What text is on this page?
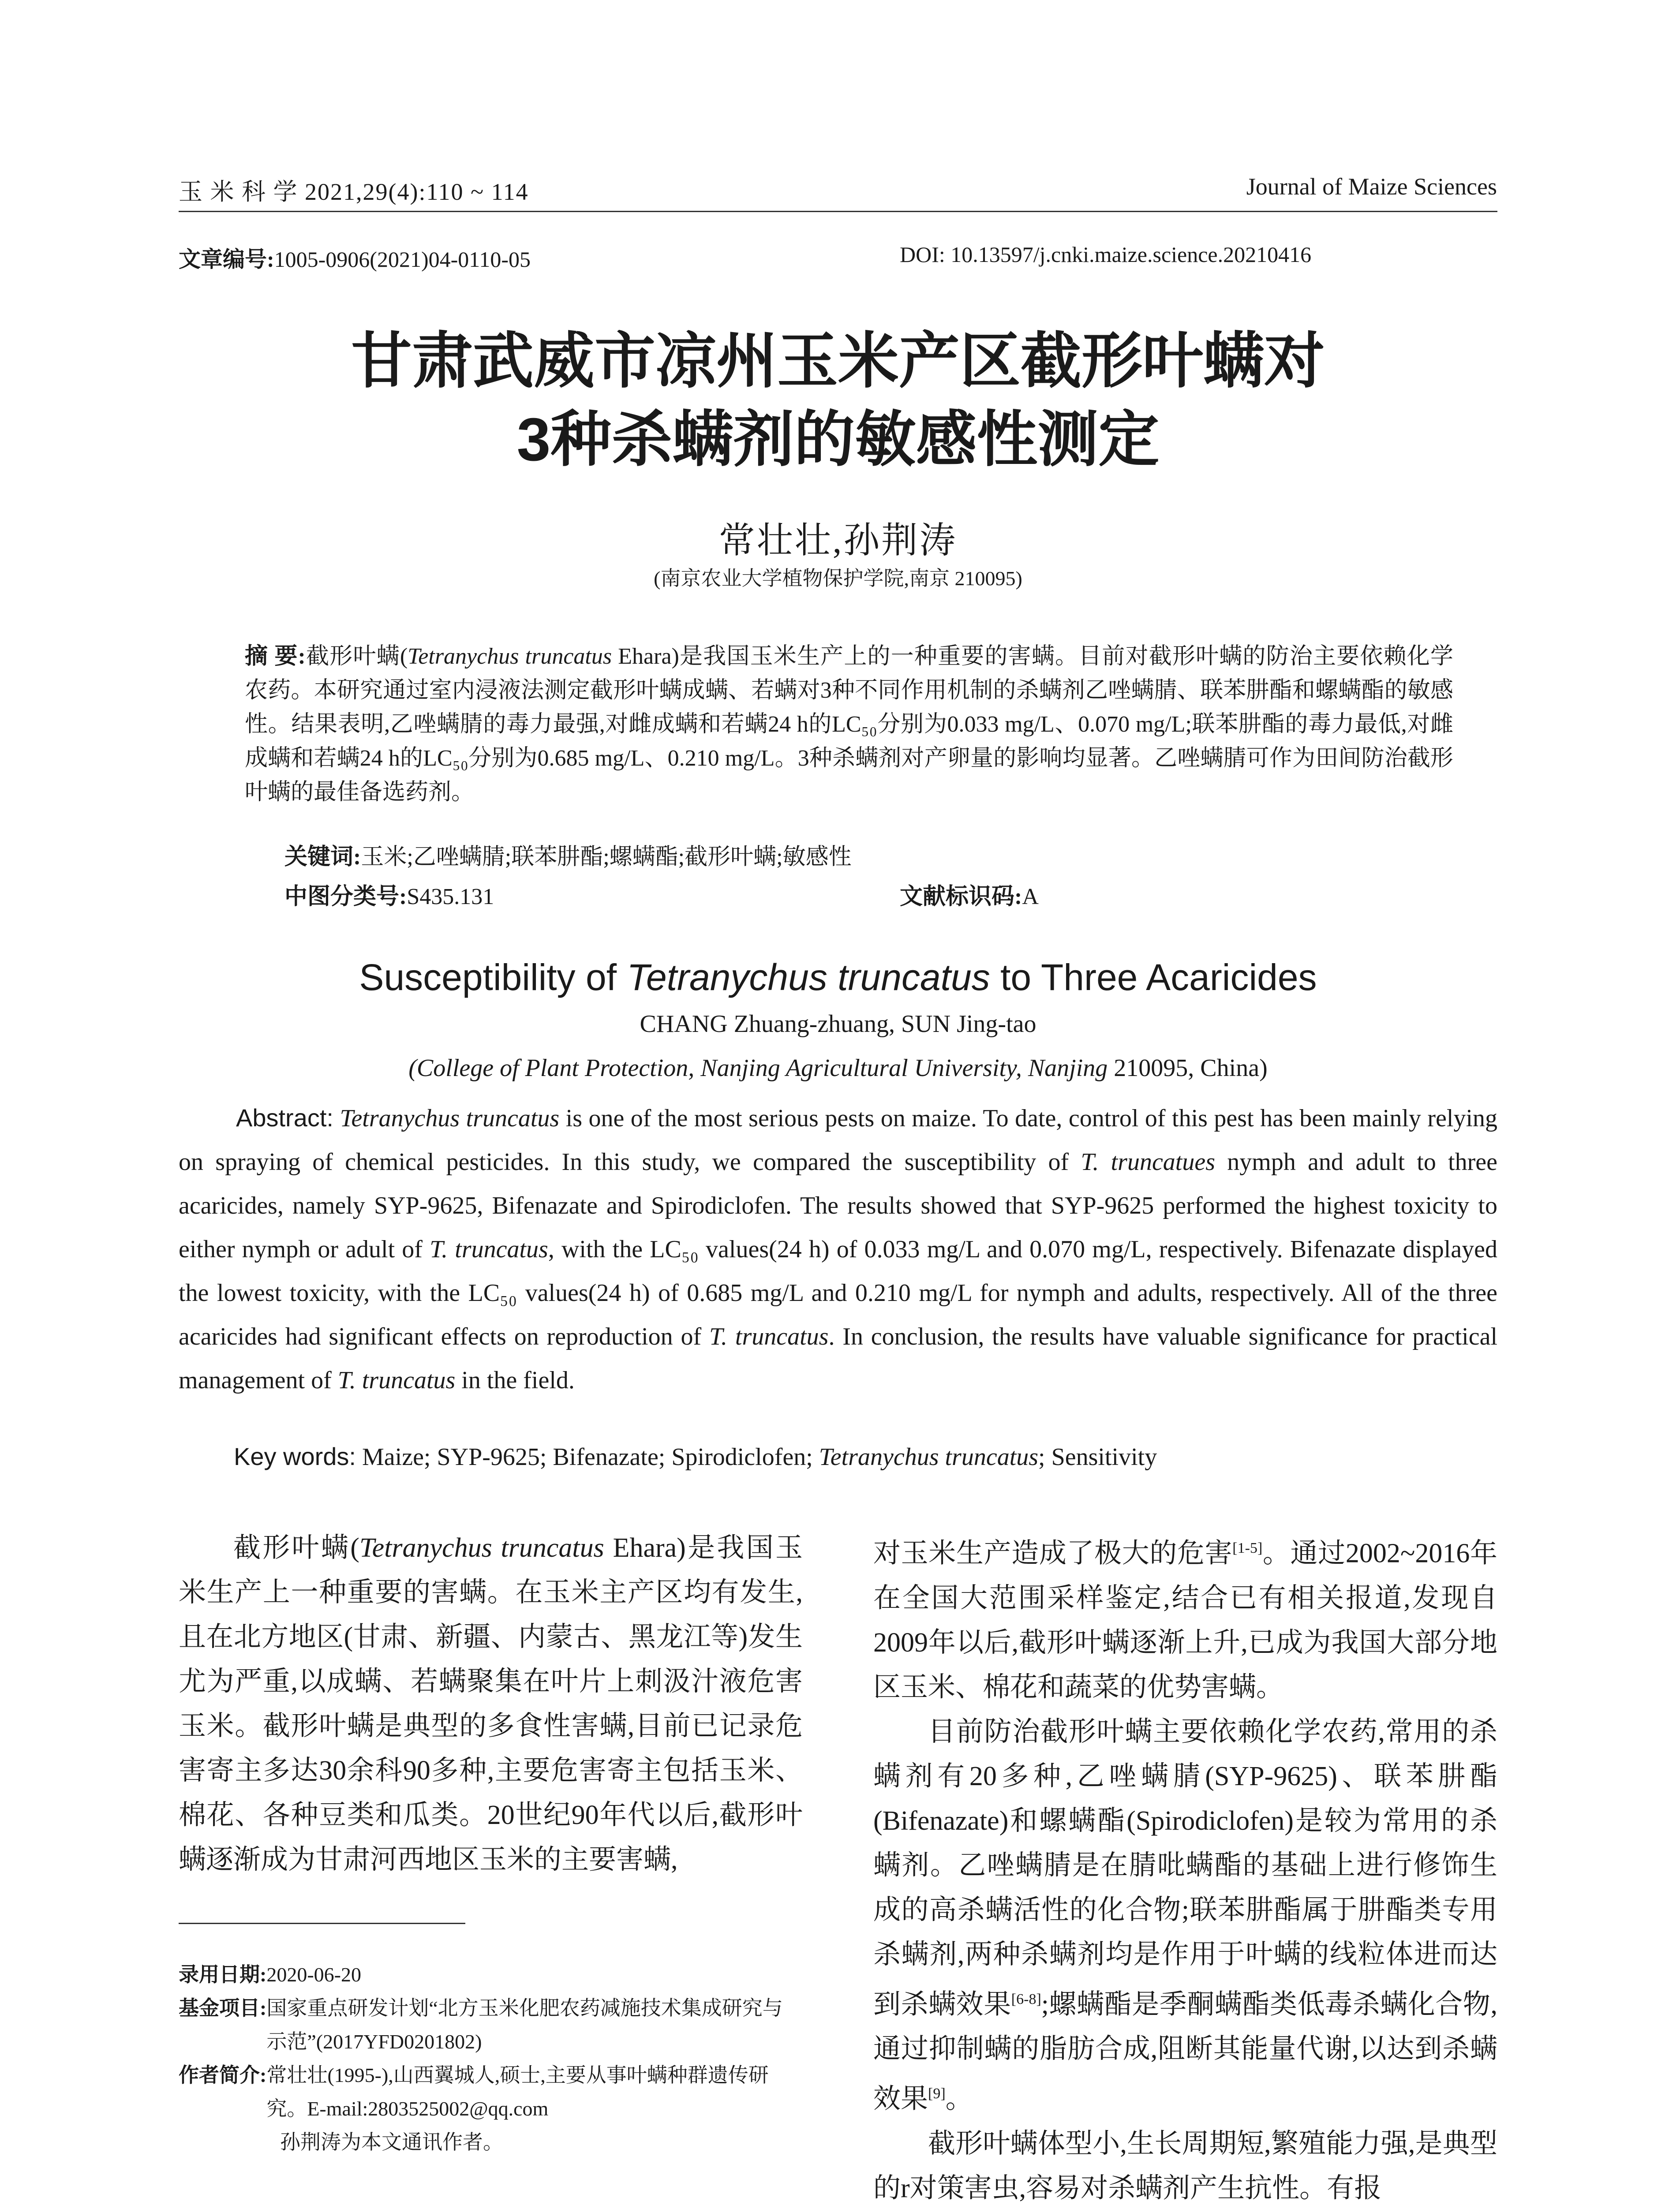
玉 米 科 学 2021,29(4):110 ~ 114	Journal of Maize Sciences
文章编号:1005-0906(2021)04-0110-05	DOI: 10.13597/j.cnki.maize.science.20210416
甘肃武威市凉州玉米产区截形叶螨对
3种杀螨剂的敏感性测定
常壮壮,孙荆涛
(南京农业大学植物保护学院,南京 210095)
摘 要:截形叶螨(Tetranychus truncatus Ehara)是我国玉米生产上的一种重要的害螨。目前对截形叶螨的防治主要依赖化学农药。本研究通过室内浸液法测定截形叶螨成螨、若螨对3种不同作用机制的杀螨剂乙唑螨腈、联苯肼酯和螺螨酯的敏感性。结果表明,乙唑螨腈的毒力最强,对雌成螨和若螨24 h的LC₅₀分别为0.033 mg/L、0.070 mg/L;联苯肼酯的毒力最低,对雌成螨和若螨24 h的LC₅₀分别为0.685 mg/L、0.210 mg/L。3种杀螨剂对产卵量的影响均显著。乙唑螨腈可作为田间防治截形叶螨的最佳备选药剂。
关键词:玉米;乙唑螨腈;联苯肼酯;螺螨酯;截形叶螨;敏感性
中图分类号:S435.131	文献标识码:A
Susceptibility of Tetranychus truncatus to Three Acaricides
CHANG Zhuang-zhuang, SUN Jing-tao
(College of Plant Protection, Nanjing Agricultural University, Nanjing 210095, China)
Abstract: Tetranychus truncatus is one of the most serious pests on maize. To date, control of this pest has been mainly relying on spraying of chemical pesticides. In this study, we compared the susceptibility of T. truncatues nymph and adult to three acaricides, namely SYP-9625, Bifenazate and Spirodiclofen. The results showed that SYP-9625 performed the highest toxicity to either nymph or adult of T. truncatus, with the LC₅₀ values(24 h) of 0.033 mg/L and 0.070 mg/L, respectively. Bifenazate displayed the lowest toxicity, with the LC₅₀ values(24 h) of 0.685 mg/L and 0.210 mg/L for nymph and adults, respectively. All of the three acaricides had significant effects on reproduction of T. truncatus. In conclusion, the results have valuable significance for practical management of T. truncatus in the field.
Key words: Maize; SYP-9625; Bifenazate; Spirodiclofen; Tetranychus truncatus; Sensitivity

截形叶螨(Tetranychus truncatus Ehara)是我国玉米生产上一种重要的害螨。在玉米主产区均有发生,且在北方地区(甘肃、新疆、内蒙古、黑龙江等)发生尤为严重,以成螨、若螨聚集在叶片上刺汲汁液危害玉米。截形叶螨是典型的多食性害螨,目前已记录危害寄主多达30余科90多种,主要危害寄主包括玉米、棉花、各种豆类和瓜类。20世纪90年代以后,截形叶螨逐渐成为甘肃河西地区玉米的主要害螨,

对玉米生产造成了极大的危害[1-5]。通过2002~2016年在全国大范围采样鉴定,结合已有相关报道,发现自2009年以后,截形叶螨逐渐上升,已成为我国大部分地区玉米、棉花和蔬菜的优势害螨。

目前防治截形叶螨主要依赖化学农药,常用的杀螨剂有20多种,乙唑螨腈(SYP-9625)、联苯肼酯(Bifenazate)和螺螨酯(Spirodiclofen)是较为常用的杀螨剂。乙唑螨腈是在腈吡螨酯的基础上进行修饰生成的高杀螨活性的化合物;联苯肼酯属于肼酯类专用杀螨剂,两种杀螨剂均是作用于叶螨的线粒体进而达到杀螨效果[6-8];螺螨酯是季酮螨酯类低毒杀螨化合物,通过抑制螨的脂肪合成,阻断其能量代谢,以达到杀螨效果[9]。

截形叶螨体型小,生长周期短,繁殖能力强,是典型的r对策害虫,容易对杀螨剂产生抗性。有报

录用日期: 2020-06-20
基金项目: 国家重点研发计划“北方玉米化肥农药减施技术集成研究与示范”(2017YFD0201802)
作者简介: 常壮壮(1995-),山西翼城人,硕士,主要从事叶螨种群遗传研究。E-mail:2803525002@qq.com
孙荆涛为本文通讯作者。
